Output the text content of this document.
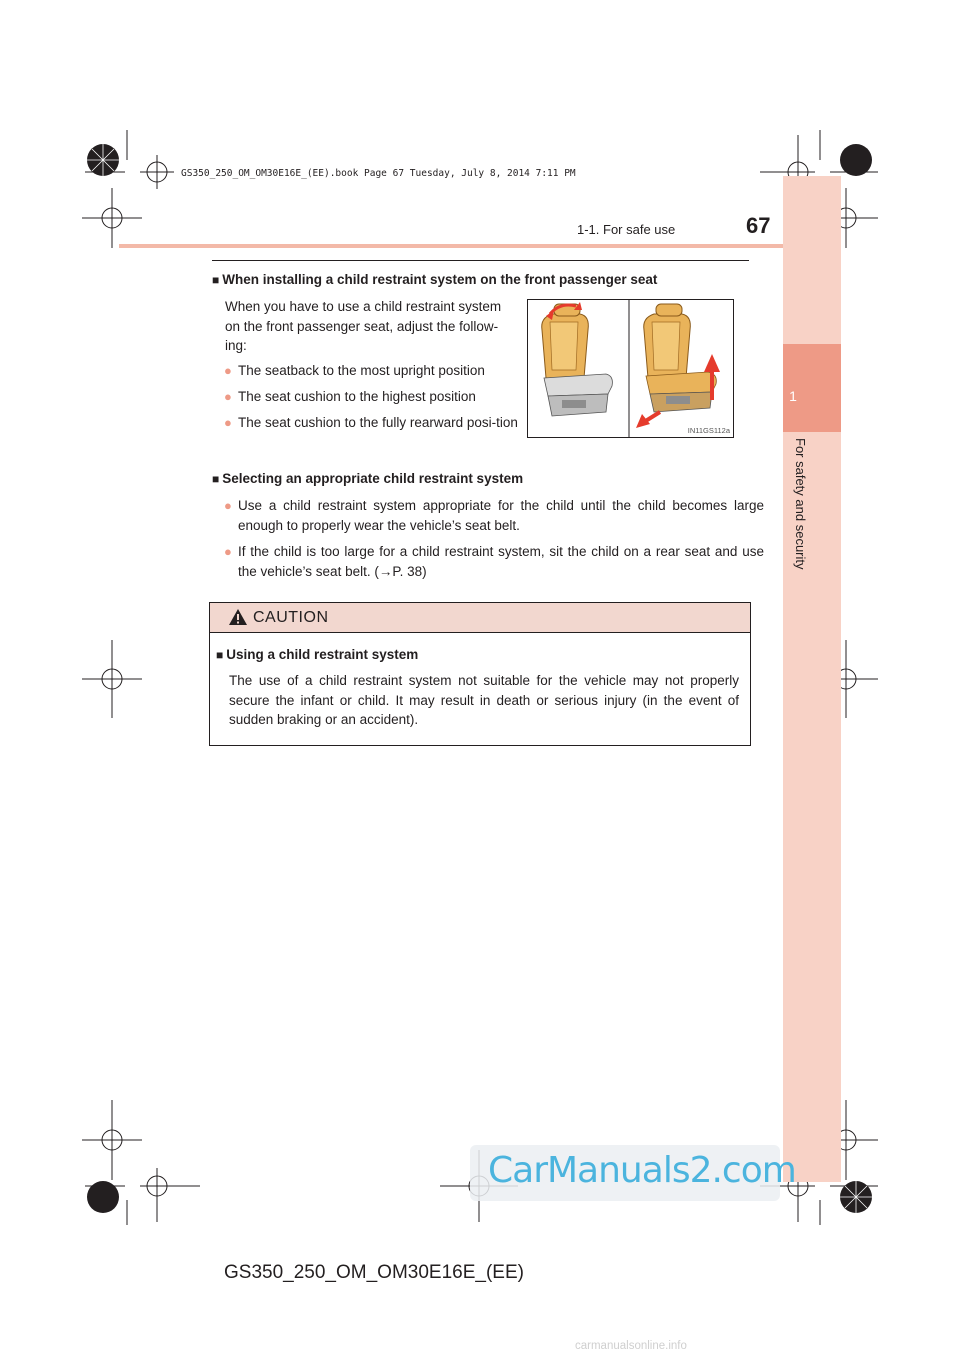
GS350_250_OM_OM30E16E_(EE).book Page 67 Tuesday, July 8, 2014 7:11 PM
1
For safety and security
1-1. For safe use	67
■ When installing a child restraint system on the front passenger seat
When you have to use a child restraint system on the front passenger seat, adjust the follow-ing:
● The seatback to the most upright position
● The seat cushion to the highest position
● The seat cushion to the fully rearward posi-tion
IN11GS112a
■ Selecting an appropriate child restraint system
● Use a child restraint system appropriate for the child until the child becomes large enough to properly wear the vehicle’s seat belt.
● If the child is too large for a child restraint system, sit the child on a rear seat and use the vehicle’s seat belt. (→P. 38)
CAUTION
■ Using a child restraint system
The use of a child restraint system not suitable for the vehicle may not properly secure the infant or child. It may result in death or serious injury (in the event of sudden braking or an accident).
CarManuals2.com
GS350_250_OM_OM30E16E_(EE)
carmanualsonline.info
